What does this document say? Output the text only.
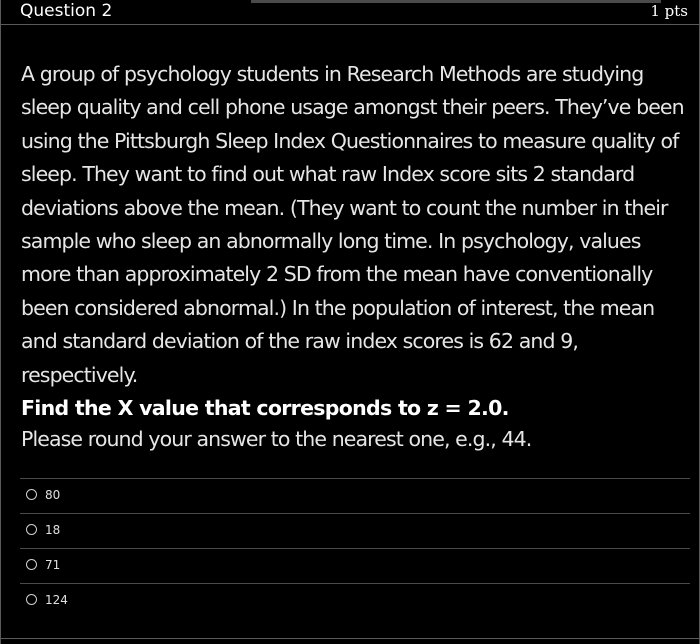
Question 2	1 pts

A group of psychology students in Research Methods are studying sleep quality and cell phone usage amongst their peers. They’ve been using the Pittsburgh Sleep Index Questionnaires to measure quality of sleep. They want to find out what raw Index score sits 2 standard deviations above the mean. (They want to count the number in their sample who sleep an abnormally long time. In psychology, values more than approximately 2 SD from the mean have conventionally been considered abnormal.) In the population of interest, the mean and standard deviation of the raw index scores is 62 and 9, respectively.

Find the X value that corresponds to z = 2.0.

Please round your answer to the nearest one, e.g., 44.
80
18
71
124
